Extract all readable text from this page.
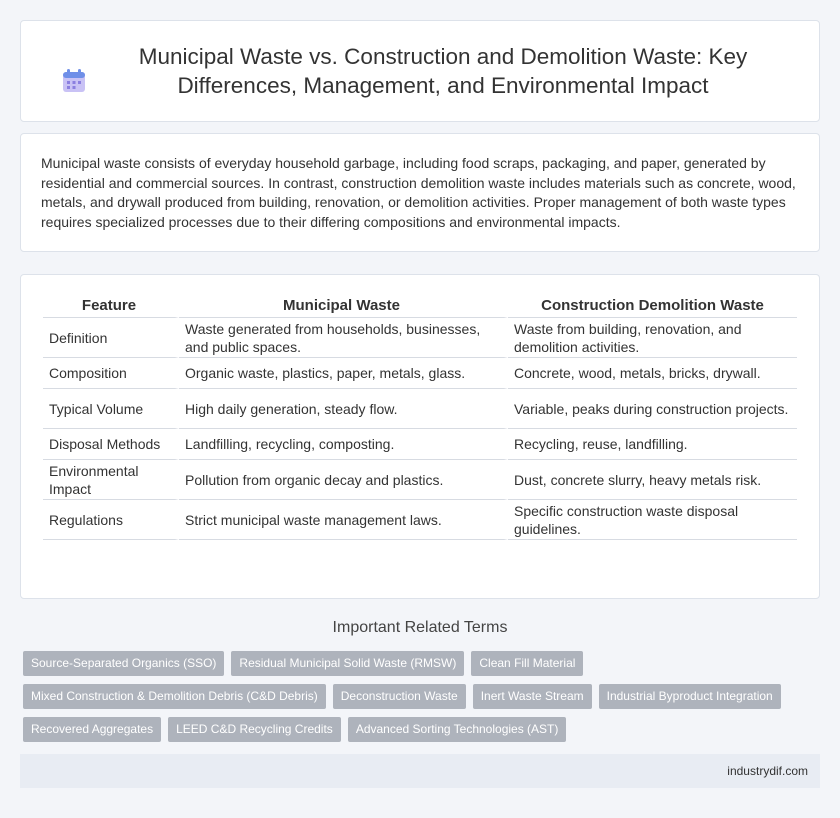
Municipal Waste vs. Construction and Demolition Waste: Key Differences, Management, and Environmental Impact

Municipal waste consists of everyday household garbage, including food scraps, packaging, and paper, generated by residential and commercial sources. In contrast, construction demolition waste includes materials such as concrete, wood, metals, and drywall produced from building, renovation, or demolition activities. Proper management of both waste types requires specialized processes due to their differing compositions and environmental impacts.

Feature	Municipal Waste	Construction Demolition Waste
Definition	Waste generated from households, businesses, and public spaces.	Waste from building, renovation, and demolition activities.
Composition	Organic waste, plastics, paper, metals, glass.	Concrete, wood, metals, bricks, drywall.
Typical Volume	High daily generation, steady flow.	Variable, peaks during construction projects.
Disposal Methods	Landfilling, recycling, composting.	Recycling, reuse, landfilling.
Environmental Impact	Pollution from organic decay and plastics.	Dust, concrete slurry, heavy metals risk.
Regulations	Strict municipal waste management laws.	Specific construction waste disposal guidelines.
Important Related Terms
Source-Separated Organics (SSO)	Residual Municipal Solid Waste (RMSW)	Clean Fill Material
Mixed Construction & Demolition Debris (C&D Debris)	Deconstruction Waste	Inert Waste Stream	Industrial Byproduct Integration
Recovered Aggregates	LEED C&D Recycling Credits	Advanced Sorting Technologies (AST)
industrydif.com
